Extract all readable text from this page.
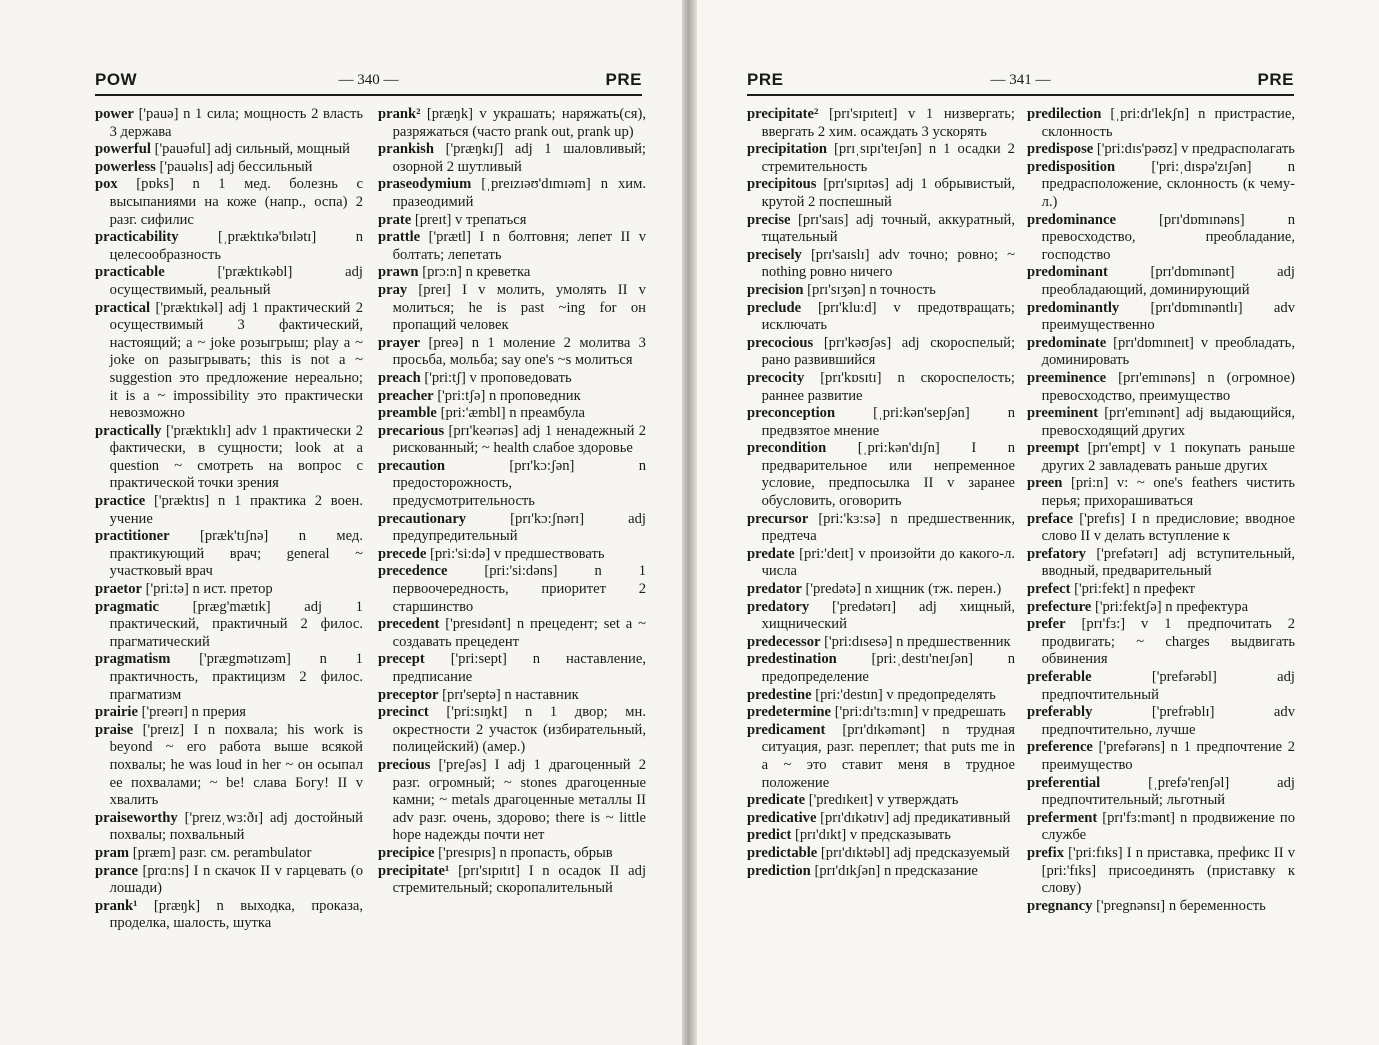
POW	— 340 —	PRE

power ['pauə] n 1 сила; мощность 2 власть 3 держава

powerful ['pauəful] adj сильный, мощный

powerless ['pauəlɪs] adj бессильный

pox [pɒks] n 1 мед. болезнь с высыпаниями на коже (напр., оспа) 2 разг. сифилис

practicability	[ˌpræktɪkə'bɪlətɪ]	n целесообразность

practicable	['præktɪkəbl]	adj осуществимый, реальный

practical ['præktɪkəl] adj 1 практический 2 осуществимый 3 фактический, настоящий; a ~ joke розыгрыш; play a ~ joke on разыгрывать; this is not a ~ suggestion это предложение нереально; it is a ~ impossibility это практически невозможно

practically ['præktɪklɪ] adv 1 практически 2 фактически, в сущности; look at a question ~ смотреть на вопрос с практической точки зрения

practice ['præktɪs] n 1 практика 2 воен. учение

practitioner [præk'tɪʃnə] n мед. практикующий врач; general ~ участковый врач

praetor ['pri:tə] n ист. претор

pragmatic [præg'mætɪk] adj 1 практический, практичный 2 филос. прагматический

pragmatism ['prægmətɪzəm] n 1 практичность, практицизм 2 филос. прагматизм

prairie ['preərɪ] n прерия

praise ['preɪz] I n похвала; his work is beyond ~ его работа выше всякой похвалы; he was loud in her ~ он осыпал ее похвалами; ~ be! слава Богу! II v хвалить

praiseworthy ['preɪzˌwɜ:ðɪ] adj достойный похвалы; похвальный

pram [præm] разг. см. perambulator

prance [prɑ:ns] I n скачок II v гарцевать (о лошади)

prank¹ [præŋk] n выходка, проказа, проделка, шалость, шутка

prank² [præŋk] v украшать; наряжать(ся), разряжаться (часто prank out, prank up)

prankish ['præŋkɪʃ] adj 1 шаловливый; озорной 2 шутливый

praseodymium [ˌpreɪzɪəʊ'dɪmɪəm] n хим. празеодимий

prate [preɪt] v трепаться

prattle ['prætl] I n болтовня; лепет II v болтать; лепетать

prawn [prɔ:n] n креветка

pray [preɪ] I v молить, умолять II v молиться; he is past ~ing for он пропащий человек

prayer [preə] n 1 моление 2 молитва 3 просьба, мольба; say one's ~s молиться

preach ['pri:tʃ] v проповедовать

preacher ['pri:tʃə] n проповедник

preamble [pri:'æmbl] n преамбула

precarious [prɪ'keərɪəs] adj 1 ненадежный 2 рискованный; ~ health слабое здоровье

precaution	[prɪ'kɔ:ʃən]	n предосторожность, предусмотрительность

precautionary	[prɪ'kɔ:ʃnərɪ]	adj предупредительный

precede [pri:'si:də] v предшествовать

precedence	[pri:'si:dəns]	n 1 первоочередность, приоритет 2 старшинство

precedent ['presɪdənt] n прецедент; set a ~ создавать прецедент

precept ['pri:sept] n наставление, предписание

preceptor [prɪ'septə] n наставник

precinct ['pri:sɪŋkt] n 1 двор; мн. окрестности 2 участок (избирательный, полицейский) (амер.)

precious ['preʃəs] I adj 1 драгоценный 2 разг. огромный; ~ stones драгоценные камни; ~ metals драгоценные металлы II adv разг. очень, здорово; there is ~ little hope надежды почти нет

precipice ['presɪpɪs] n пропасть, обрыв

precipitate¹ [prɪ'sɪpɪtɪt] I n осадок II adj стремительный; скоропалительный

PRE	— 341 —	PRE

precipitate² [prɪ'sɪpɪteɪt] v 1 низвергать; ввергать 2 хим. осаждать 3 ускорять

precipitation [prɪˌsɪpɪ'teɪʃən] n 1 осадки 2 стремительность

precipitous [prɪ'sɪpɪtəs] adj 1 обрывистый, крутой 2 поспешный

precise [prɪ'saɪs] adj точный, аккуратный, тщательный

precisely [prɪ'saɪslɪ] adv точно; ровно; ~ nothing ровно ничего

precision [prɪ'sɪʒən] n точность

preclude [prɪ'klu:d] v предотвращать; исключать

precocious [prɪ'kəʊʃəs] adj скороспелый; рано развившийся

precocity [prɪ'kɒsɪtɪ] n скороспелость; раннее развитие

preconception	[ˌpri:kən'sepʃən]	n предвзятое мнение

precondition [ˌpri:kən'dɪʃn] I n предварительное или непременное условие, предпосылка II v заранее обусловить, оговорить

precursor [pri:'kɜ:sə] n предшественник, предтеча

predate [pri:'deɪt] v произойти до какого-л. числа

predator ['predətə] n хищник (тж. перен.)

predatory ['predətərɪ] adj хищный, хищнический

predecessor ['pri:dɪsesə] n предшественник

predestination [pri:ˌdestɪ'neɪʃən] n предопределение

predestine [pri:'destɪn] v предопределять

predetermine ['pri:dɪ'tɜ:mɪn] v предрешать

predicament [prɪ'dɪkəmənt] n трудная ситуация, разг. переплет; that puts me in a ~ это ставит меня в трудное положение

predicate ['predɪkeɪt] v утверждать

predicative [prɪ'dɪkətɪv] adj предикативный

predict [prɪ'dɪkt] v предсказывать

predictable [prɪ'dɪktəbl] adj предсказуемый

prediction [prɪ'dɪkʃən] n предсказание

predilection [ˌpri:dɪ'lekʃn] n пристрастие, склонность

predispose ['pri:dɪs'pəʊz] v предрасполагать

predisposition ['pri:ˌdɪspə'zɪʃən] n предрасположение, склонность (к чему-л.)

predominance	[prɪ'dɒmɪnəns]	n превосходство, преобладание, господство

predominant	[prɪ'dɒmɪnənt]	adj преобладающий, доминирующий

predominantly [prɪ'dɒmɪnəntlɪ] adv преимущественно

predominate [prɪ'dɒmɪneɪt] v преобладать, доминировать

preeminence [prɪ'emɪnəns] n (огромное) превосходство, преимущество

preeminent [prɪ'emɪnənt] adj выдающийся, превосходящий других

preempt [prɪ'empt] v 1 покупать раньше других 2 завладевать раньше других

preen [pri:n] v: ~ one's feathers чистить перья; прихорашиваться

preface ['prefɪs] I n предисловие; вводное слово II v делать вступление к

prefatory ['prefətərɪ] adj вступительный, вводный, предварительный

prefect ['pri:fekt] n префект

prefecture ['pri:fektʃə] n префектура

prefer [prɪ'fɜ:] v 1 предпочитать 2 продвигать; ~ charges выдвигать обвинения

preferable	['prefərəbl]	adj предпочтительный

preferably	['prefrəblɪ]	adv предпочтительно, лучше

preference ['prefərəns] n 1 предпочтение 2 преимущество

preferential	[ˌprefə'renʃəl]	adj предпочтительный; льготный

preferment [prɪ'fɜ:mənt] n продвижение по службе

prefix ['pri:fɪks] I n приставка, префикс II v [pri:'fɪks] присоединять (приставку к слову)

pregnancy ['pregnənsɪ] n беременность
